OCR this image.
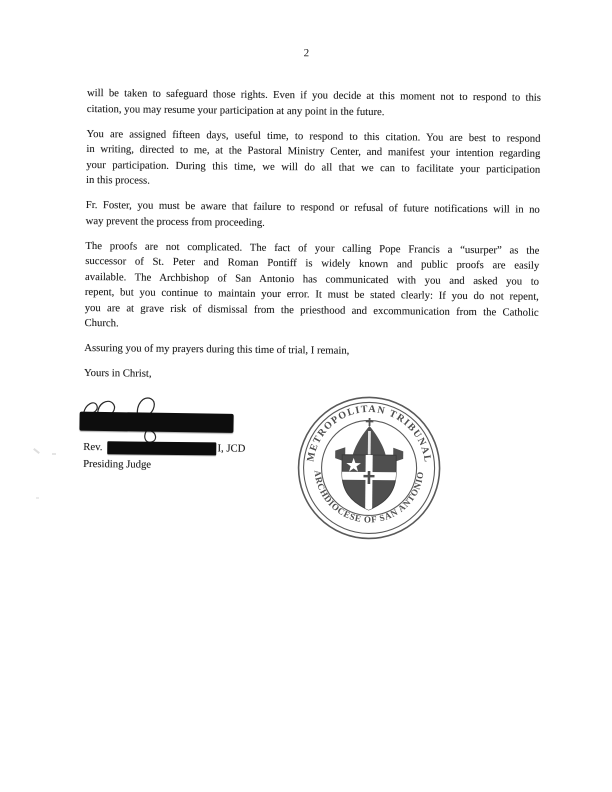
2
will be taken to safeguard those rights. Even if you decide at this moment not to respond to this
citation, you may resume your participation at any point in the future.
You are assigned fifteen days, useful time, to respond to this citation. You are best to respond
in writing, directed to me, at the Pastoral Ministry Center, and manifest your intention regarding
your participation. During this time, we will do all that we can to facilitate your participation
in this process.
Fr. Foster, you must be aware that failure to respond or refusal of future notifications will in no
way prevent the process from proceeding.
The proofs are not complicated. The fact of your calling Pope Francis a “usurper” as the
successor of St. Peter and Roman Pontiff is widely known and public proofs are easily
available. The Archbishop of San Antonio has communicated with you and asked you to
repent, but you continue to maintain your error. It must be stated clearly: If you do not repent,
you are at grave risk of dismissal from the priesthood and excommunication from the Catholic
Church.
Assuring you of my prayers during this time of trial, I remain,
Yours in Christ,
Rev.	I, JCD
Presiding Judge
METROPOLITAN TRIBUNAL
ARCHDIOCESE OF SAN ANTONIO
